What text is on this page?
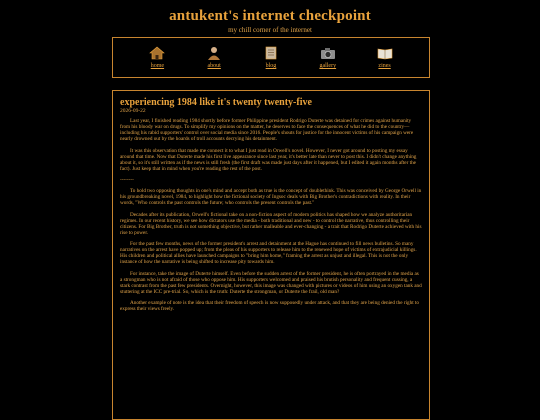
antukent's internet checkpoint
my chill corner of the internet
home	about	blog	gallery	zines
experiencing 1984 like it's twenty twenty-five
2026-09-22

Last year, I finished reading 1984 shortly before former Philippine president Rodrigo Duterte was detained for crimes against humanity from his bloody war on drugs. To simplify my opinions on the matter, he deserves to face the consequences of what he did to the country—including his rabid supporters' control over social media since 2016. People's shouts for justice for the innocent victims of his campaign were nearly drowned out by the hoards of troll accounts decrying his detainment.

It was this observation that made me connect it to what I just read in Orwell's novel. However, I never got around to posting my essay around that time. Now that Duterte made his first live appearance since last year, it's better late than never to post this. I didn't change anything about it, so it's still written as if the news is still fresh (the first draft was made just days after it happened, but I edited it again months after the fact). Just keep that in mind when you're reading the rest of the post.

--------

To hold two opposing thoughts in one's mind and accept both as true is the concept of doublethink. This was conceived by George Orwell in his groundbreaking novel, 1984, to highlight how the fictional society of Ingsoc deals with Big Brother's contradictions with reality. In their words, "Who controls the past controls the future; who controls the present controls the past."

Decades after its publication, Orwell's fictional take on a non-fiction aspect of modern politics has shaped how we analyze authoritarian regimes. In our recent history, we see how dictators use the media - both traditional and new - to control the narrative, thus controlling their citizens. For Big Brother, truth is not something objective, but rather malleable and ever-changing - a trait that Rodrigo Duterte achieved with his rise to power.

For the past few months, news of the former president's arrest and detainment at the Hague has continued to fill news bulletins. So many narratives on the arrest have popped up; from the pleas of his supporters to release him to the renewed hope of victims of extrajudicial killings. His children and political allies have launched campaigns to "bring him home," framing the arrest as unjust and illegal. This is not the only instance of how the narrative is being shifted to increase pity towards him.

For instance, take the image of Duterte himself. Even before the sudden arrest of the former president, he is often portrayed in the media as a strongman who is not afraid of those who oppose him. His supporters welcomed and praised his brutish personality and frequent cussing, a stark contrast from the past few presidents. Overnight, however, this image was changed with pictures or videos of him using an oxygen tank and stuttering at the ICC pre-trial. So, which is the truth: Duterte the strongman, or Duterte the frail, old man?

Another example of note is the idea that their freedom of speech is now supposedly under attack, and that they are being denied the right to express their views freely.
